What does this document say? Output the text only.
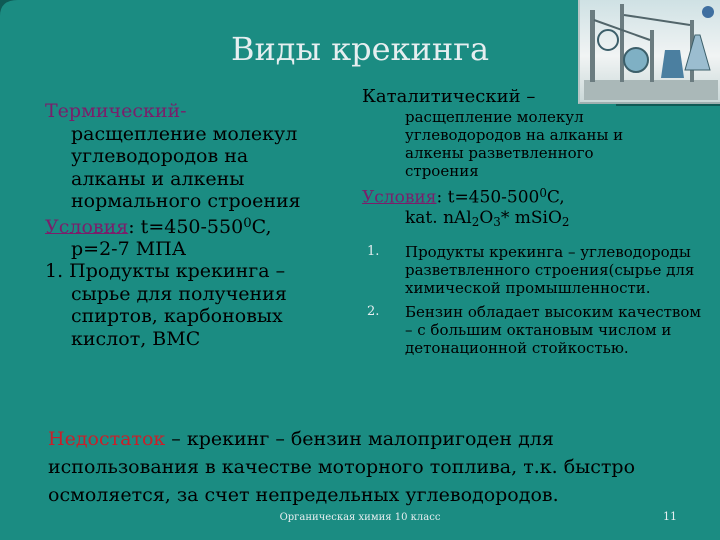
Виды крекинга
Термический-
расщепление молекул
углеводородов на
алканы и алкены
нормального строения
Условия: $t=450-550^0C$,
p=2-7 МПА
1. Продукты крекинга –
сырье для получения
спиртов, карбоновых
кислот, ВМС
Каталитический –
расщепление молекул
углеводородов на алканы и
алкены разветвленного
строения
Условия: $t=450-500^0C$,
kat. $nAl_2O_3*$ mSiO$_2$
1. Продукты крекинга – углеводороды разветвленного строения(сырье для химической промышленности.
2. Бензин обладает высоким качеством – с большим октановым числом и детонационной стойкостью.
Недостаток – крекинг – бензин малопригоден для использования в качестве моторного топлива, т.к. быстро осмоляется, за счет непредельных углеводородов.
Органическая химия 10 класс	11
